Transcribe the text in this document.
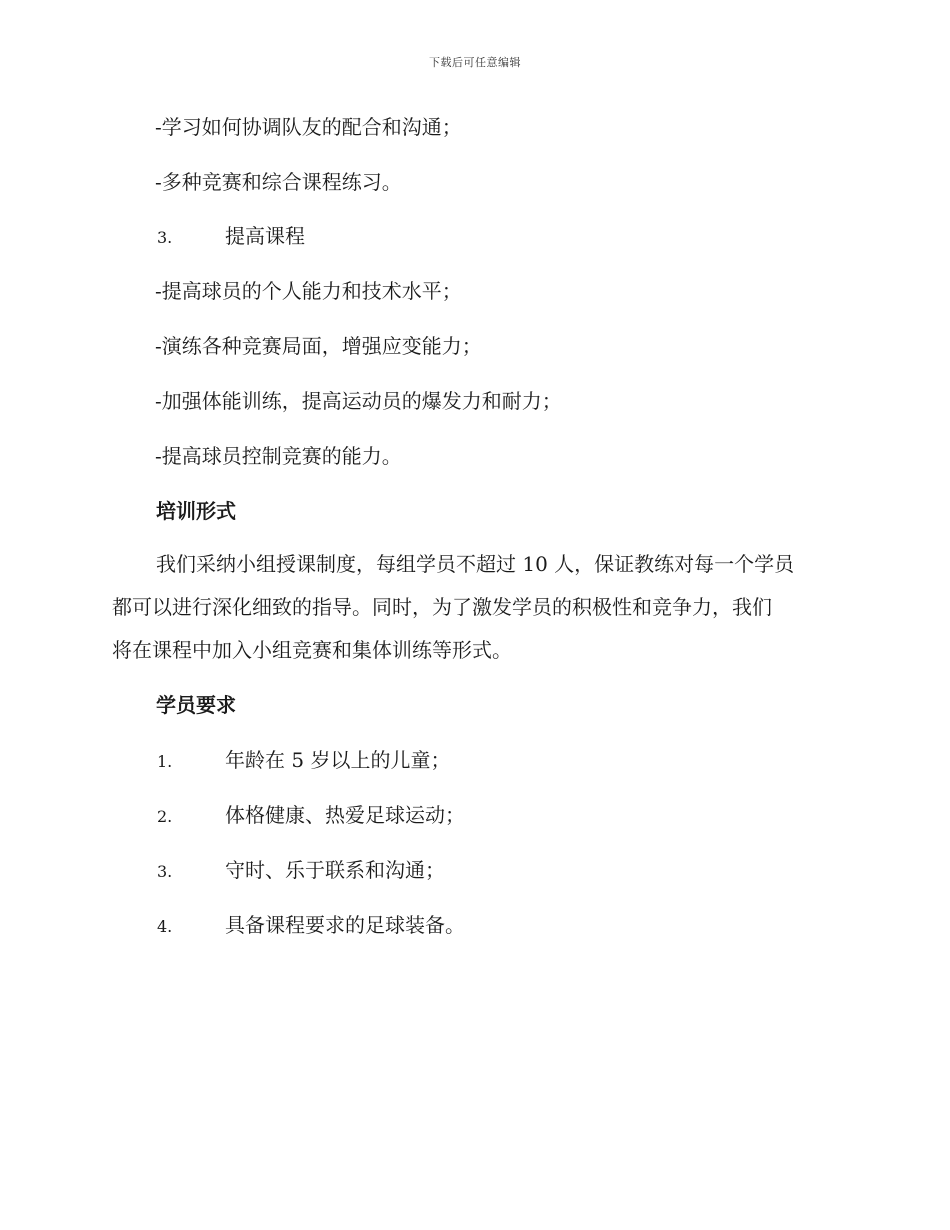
下载后可任意编辑
-学习如何协调队友的配合和沟通；
-多种竞赛和综合课程练习。
3.	提高课程
-提高球员的个人能力和技术水平；
-演练各种竞赛局面，增强应变能力；
-加强体能训练，提高运动员的爆发力和耐力；
-提高球员控制竞赛的能力。
培训形式
我们采纳小组授课制度，每组学员不超过 10 人，保证教练对每一个学员
都可以进行深化细致的指导。同时，为了激发学员的积极性和竞争力，我们
将在课程中加入小组竞赛和集体训练等形式。
学员要求
1.	年龄在 5 岁以上的儿童；
2.	体格健康、热爱足球运动；
3.	守时、乐于联系和沟通；
4.	具备课程要求的足球装备。
